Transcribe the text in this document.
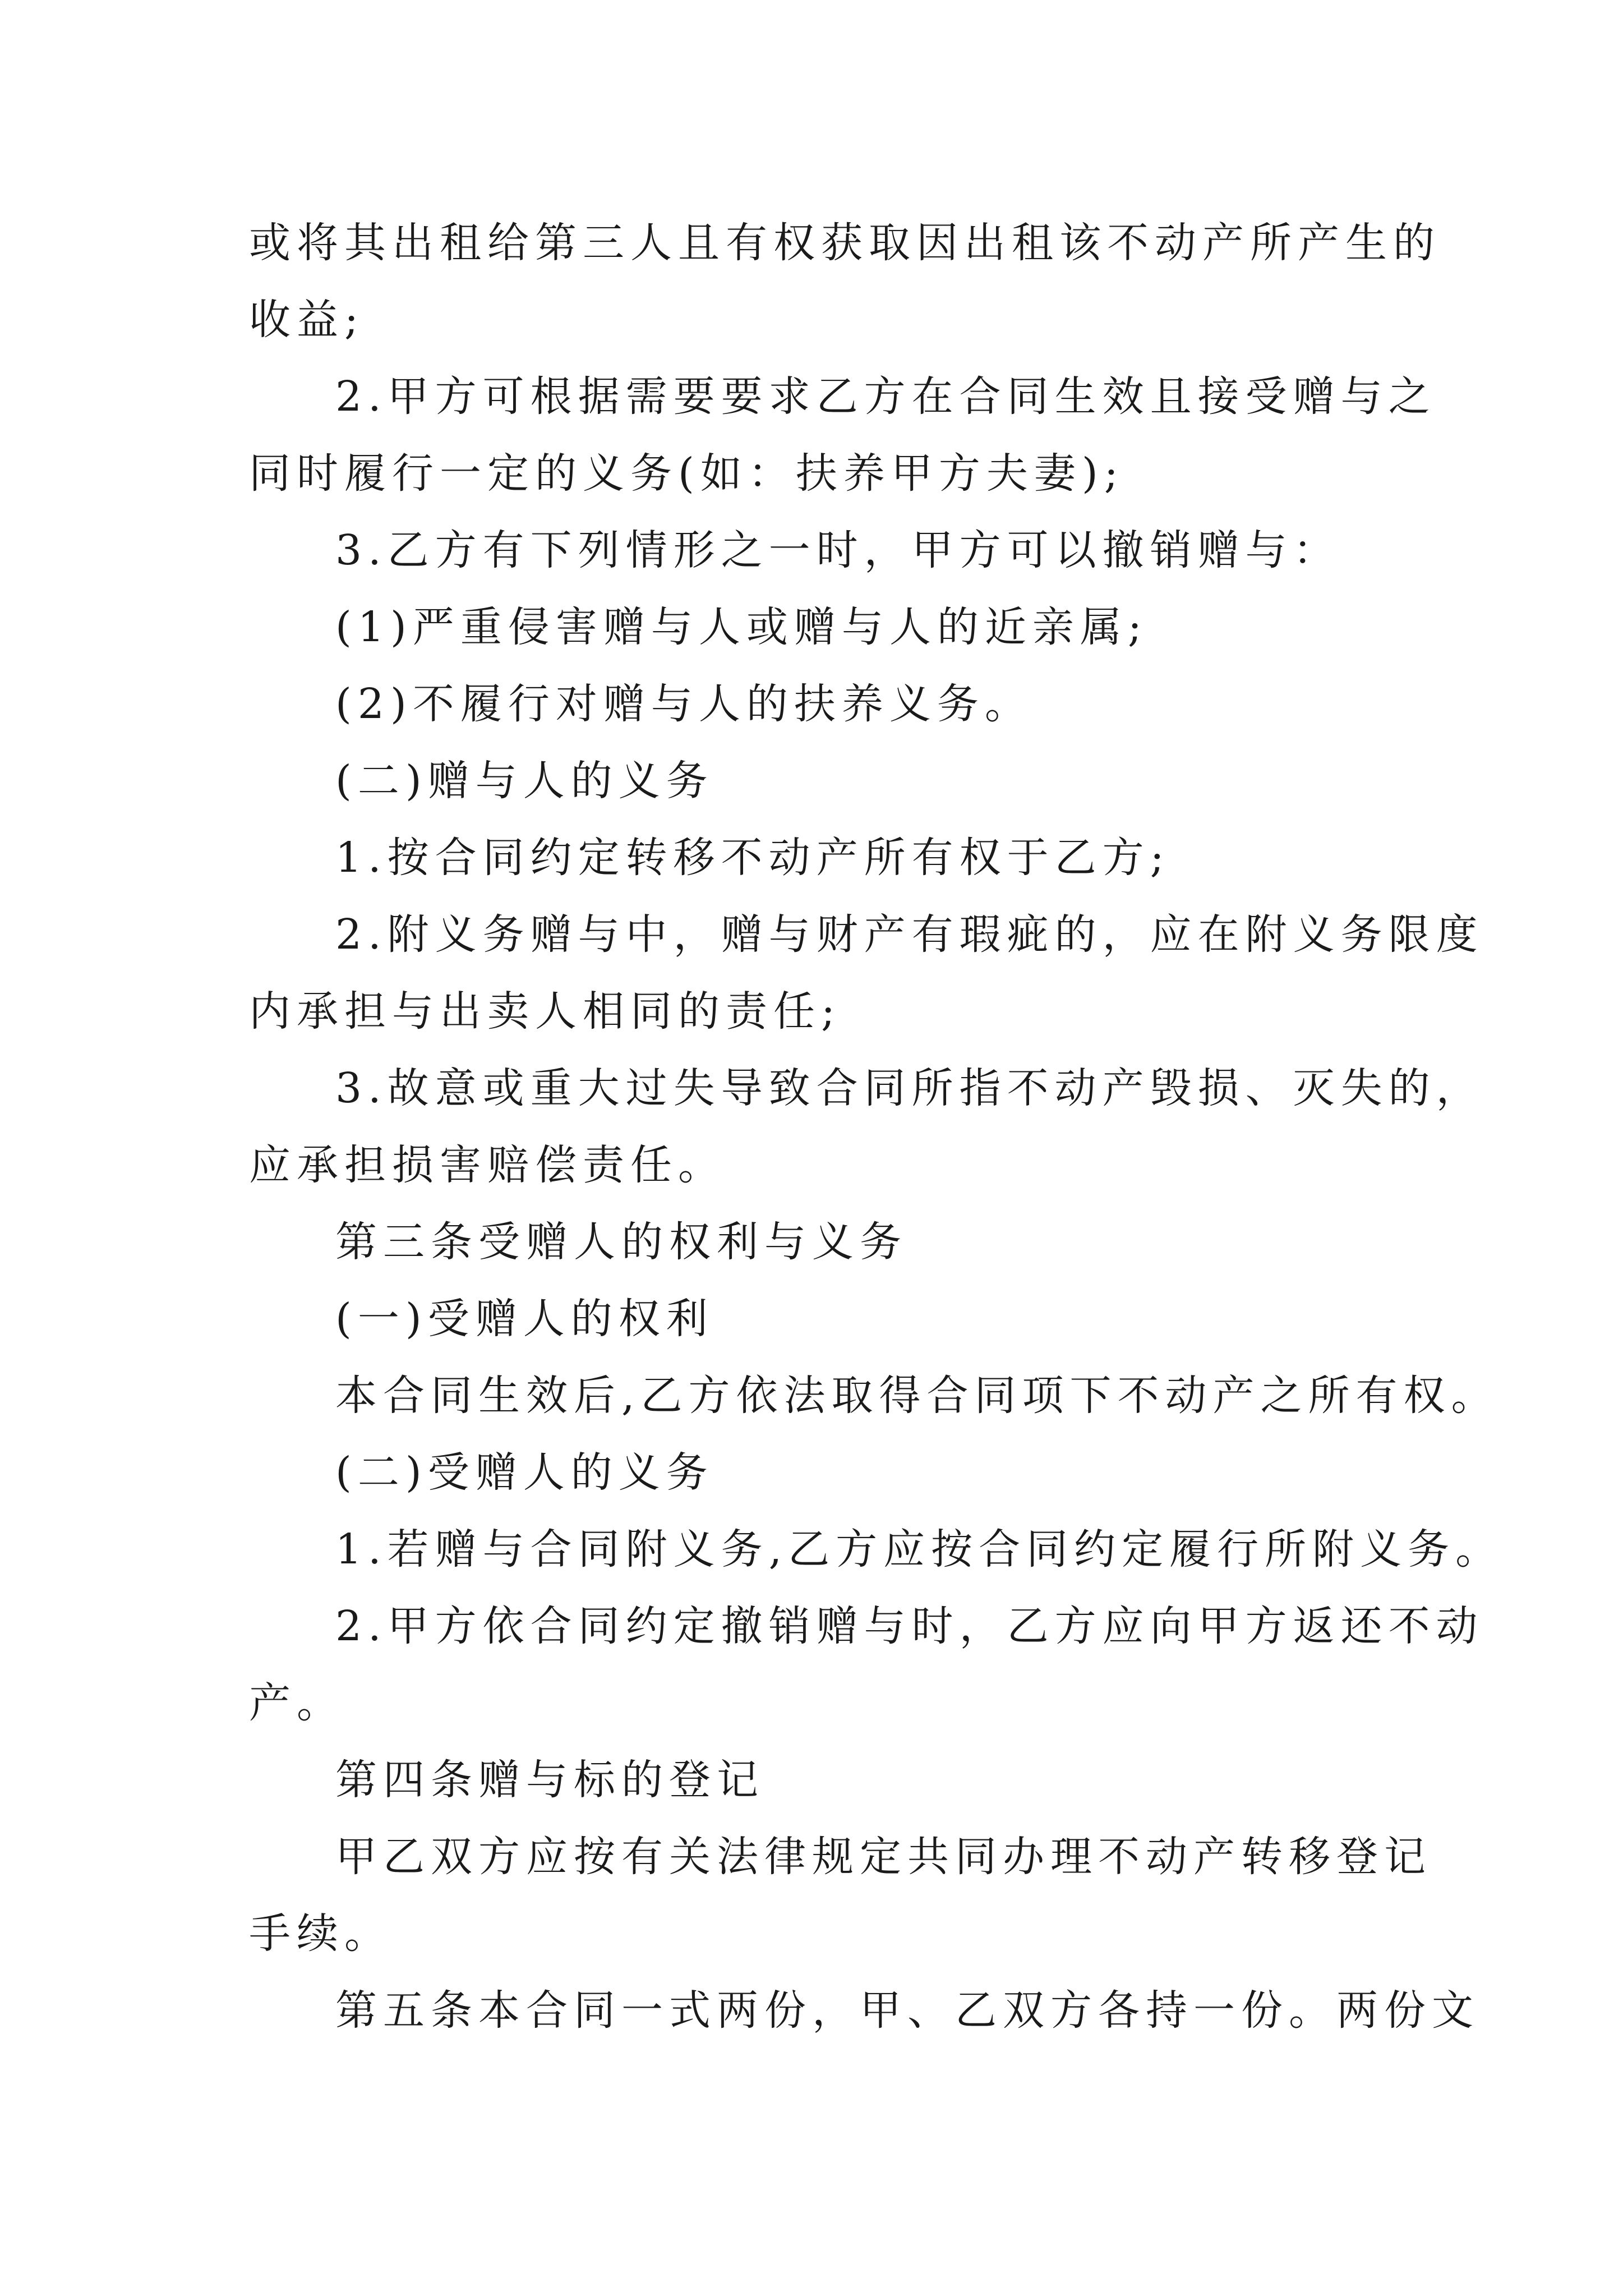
或将其出租给第三人且有权获取因出租该不动产所产生的

收益;

2.甲方可根据需要要求乙方在合同生效且接受赠与之

同时履行一定的义务(如：扶养甲方夫妻);

3.乙方有下列情形之一时，甲方可以撤销赠与：

(1)严重侵害赠与人或赠与人的近亲属;

(2)不履行对赠与人的扶养义务。

(二)赠与人的义务

1.按合同约定转移不动产所有权于乙方;

2.附义务赠与中，赠与财产有瑕疵的，应在附义务限度

内承担与出卖人相同的责任;

3.故意或重大过失导致合同所指不动产毁损、灭失的，

应承担损害赔偿责任。

第三条受赠人的权利与义务

(一)受赠人的权利

本合同生效后,乙方依法取得合同项下不动产之所有权。

(二)受赠人的义务

1.若赠与合同附义务,乙方应按合同约定履行所附义务。

2.甲方依合同约定撤销赠与时，乙方应向甲方返还不动

产。

第四条赠与标的登记

甲乙双方应按有关法律规定共同办理不动产转移登记

手续。

第五条本合同一式两份，甲、乙双方各持一份。两份文
